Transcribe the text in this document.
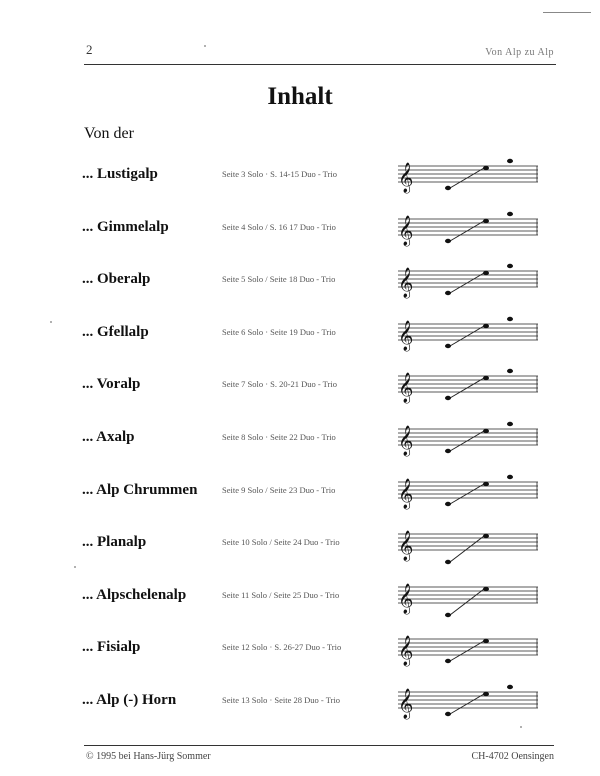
2	Von Alp zu Alp
Inhalt
Von der
... Lustigalp	Seite 3 Solo · S. 14-15 Duo - Trio 𝄞
... Gimmelalp	Seite 4 Solo / S. 16 17 Duo - Trio 𝄞
... Oberalp	Seite 5 Solo / Seite 18 Duo - Trio 𝄞
... Gfellalp	Seite 6 Solo · Seite 19 Duo - Trio 𝄞
... Voralp	Seite 7 Solo · S. 20-21 Duo - Trio 𝄞
... Axalp	Seite 8 Solo · Seite 22 Duo - Trio 𝄞
... Alp Chrummen	Seite 9 Solo / Seite 23 Duo - Trio 𝄞
... Planalp	Seite 10 Solo / Seite 24 Duo - Trio 𝄞
... Alpschelenalp	Seite 11 Solo / Seite 25 Duo - Trio 𝄞
... Fisialp	Seite 12 Solo · S. 26-27 Duo - Trio 𝄞
... Alp (-) Horn	Seite 13 Solo · Seite 28 Duo - Trio 𝄞
© 1995 bei Hans-Jürg Sommer	CH-4702 Oensingen
